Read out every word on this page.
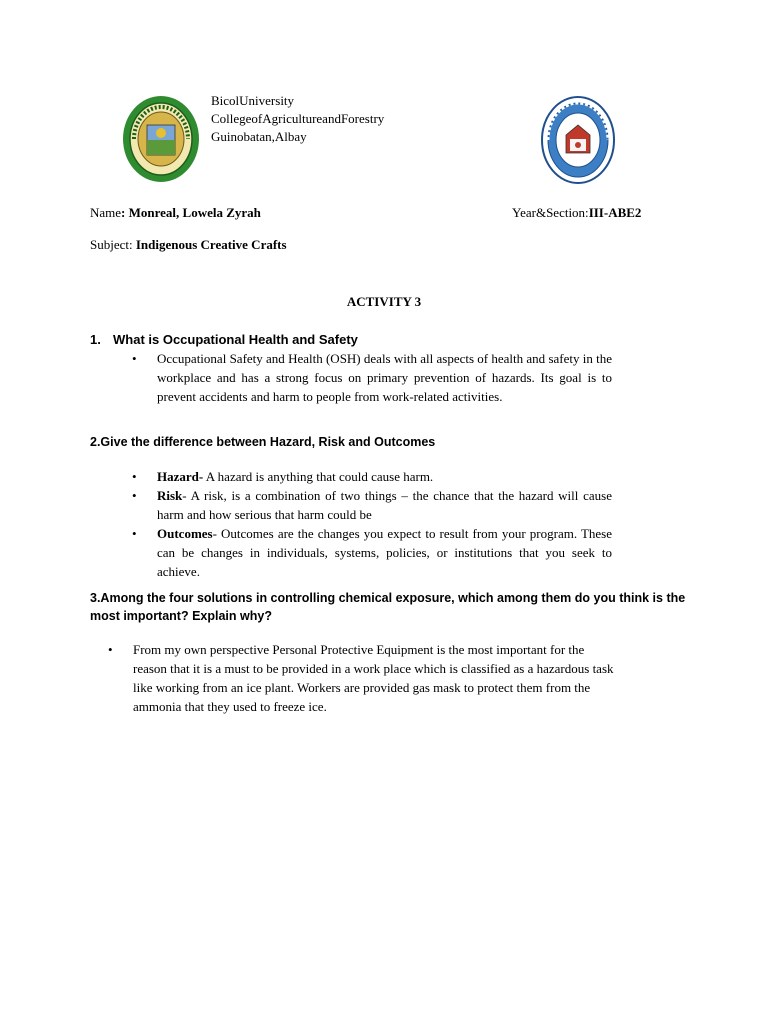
BicolUniversity
CollegeofAgricultureandForestry
Guinobatan,Albay
Name: Monreal, Lowela Zyrah	Year&Section:III-ABE2
Subject: Indigenous Creative Crafts
ACTIVITY 3
1. What is Occupational Health and Safety
• Occupational Safety and Health (OSH) deals with all aspects of health and safety in the workplace and has a strong focus on primary prevention of hazards. Its goal is to prevent accidents and harm to people from work-related activities.
2.Give the difference between Hazard, Risk and Outcomes
• Hazard- A hazard is anything that could cause harm.
• Risk- A risk, is a combination of two things – the chance that the hazard will cause harm and how serious that harm could be
• Outcomes- Outcomes are the changes you expect to result from your program. These can be changes in individuals, systems, policies, or institutions that you seek to achieve.
3.Among the four solutions in controlling chemical exposure, which among them do you think is the most important? Explain why?
• From my own perspective Personal Protective Equipment is the most important for the reason that it is a must to be provided in a work place which is classified as a hazardous task like working from an ice plant. Workers are provided gas mask to protect them from the ammonia that they used to freeze ice.
